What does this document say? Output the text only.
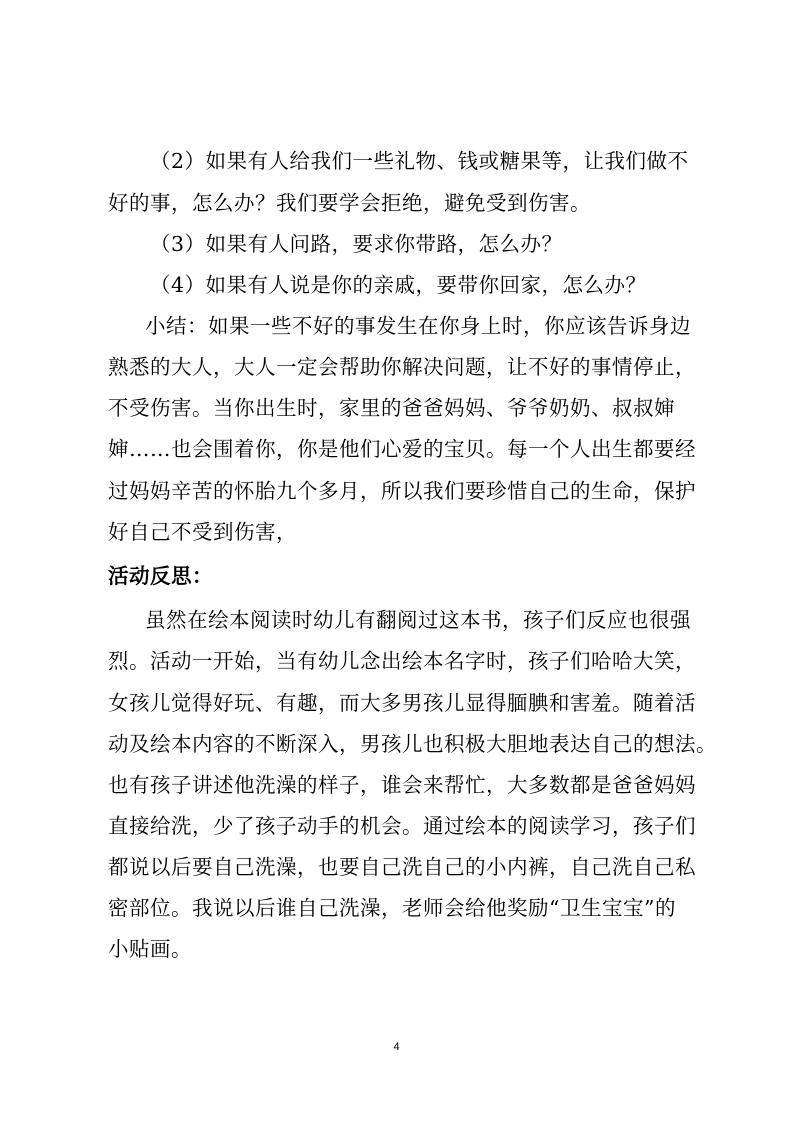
（2）如果有人给我们一些礼物、钱或糖果等，让我们做不
好的事，怎么办？我们要学会拒绝，避免受到伤害。
（3）如果有人问路，要求你带路，怎么办？
（4）如果有人说是你的亲戚，要带你回家，怎么办？
小结：如果一些不好的事发生在你身上时，你应该告诉身边
熟悉的大人，大人一定会帮助你解决问题，让不好的事情停止，
不受伤害。当你出生时，家里的爸爸妈妈、爷爷奶奶、叔叔婶
婶……也会围着你，你是他们心爱的宝贝。每一个人出生都要经
过妈妈辛苦的怀胎九个多月，所以我们要珍惜自己的生命，保护
好自己不受到伤害，
活动反思：
虽然在绘本阅读时幼儿有翻阅过这本书，孩子们反应也很强
烈。活动一开始，当有幼儿念出绘本名字时，孩子们哈哈大笑，
女孩儿觉得好玩、有趣，而大多男孩儿显得腼腆和害羞。随着活
动及绘本内容的不断深入，男孩儿也积极大胆地表达自己的想法。
也有孩子讲述他洗澡的样子，谁会来帮忙，大多数都是爸爸妈妈
直接给洗，少了孩子动手的机会。通过绘本的阅读学习，孩子们
都说以后要自己洗澡，也要自己洗自己的小内裤，自己洗自己私
密部位。我说以后谁自己洗澡，老师会给他奖励“卫生宝宝”的
小贴画。
4
